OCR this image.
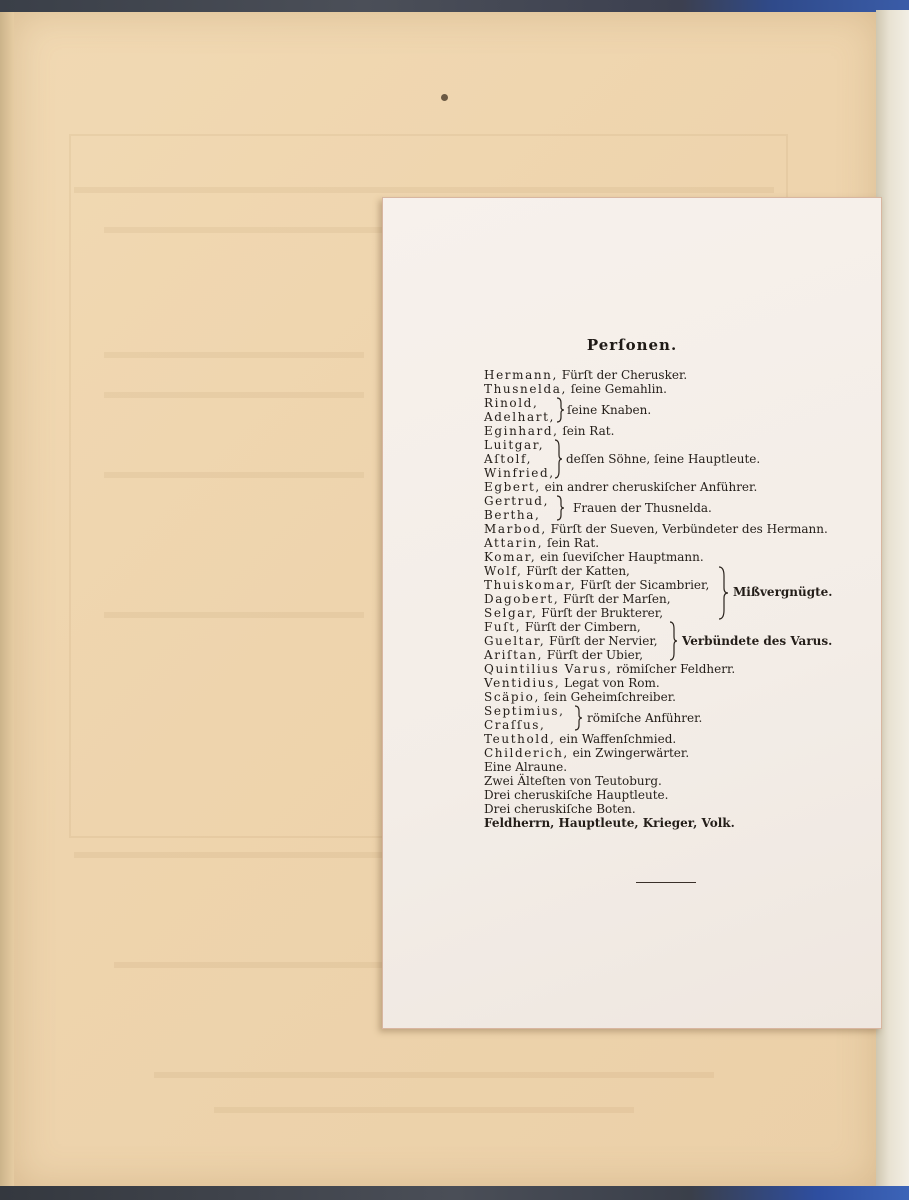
Perſonen.
Hermann, Fürſt der Cherusker.
Thusnelda, ſeine Gemahlin.
Rinold,
Adelhart, ſeine Knaben.
Eginhard, ſein Rat.
Luitgar,
Aſtolf,
Winfried,
deſſen Söhne, ſeine Hauptleute.
Egbert, ein andrer cheruskiſcher Anführer.
Gertrud,
Bertha,	Frauen der Thusnelda.
Marbod, Fürſt der Sueven, Verbündeter des Hermann.
Attarin, ſein Rat.
Komar, ein ſueviſcher Hauptmann.
Wolf, Fürſt der Katten,
Thuiskomar, Fürſt der Sicambrier,
Dagobert, Fürſt der Marſen,
Selgar, Fürſt der Brukterer,
Mißvergnügte.
Fuſt, Fürſt der Cimbern,
Gueltar, Fürſt der Nervier,
Ariſtan, Fürſt der Ubier,
Verbündete des Varus.
Quintilius Varus, römiſcher Feldherr.
Ventidius, Legat von Rom.
Scäpio, ſein Geheimſchreiber.
Septimius,
Craſſus,	römiſche Anführer.
Teuthold, ein Waffenſchmied.
Childerich, ein Zwingerwärter.
Eine Alraune.
Zwei Älteſten von Teutoburg.
Drei cheruskiſche Hauptleute.
Drei cheruskiſche Boten.
Feldherrn, Hauptleute, Krieger, Volk.
